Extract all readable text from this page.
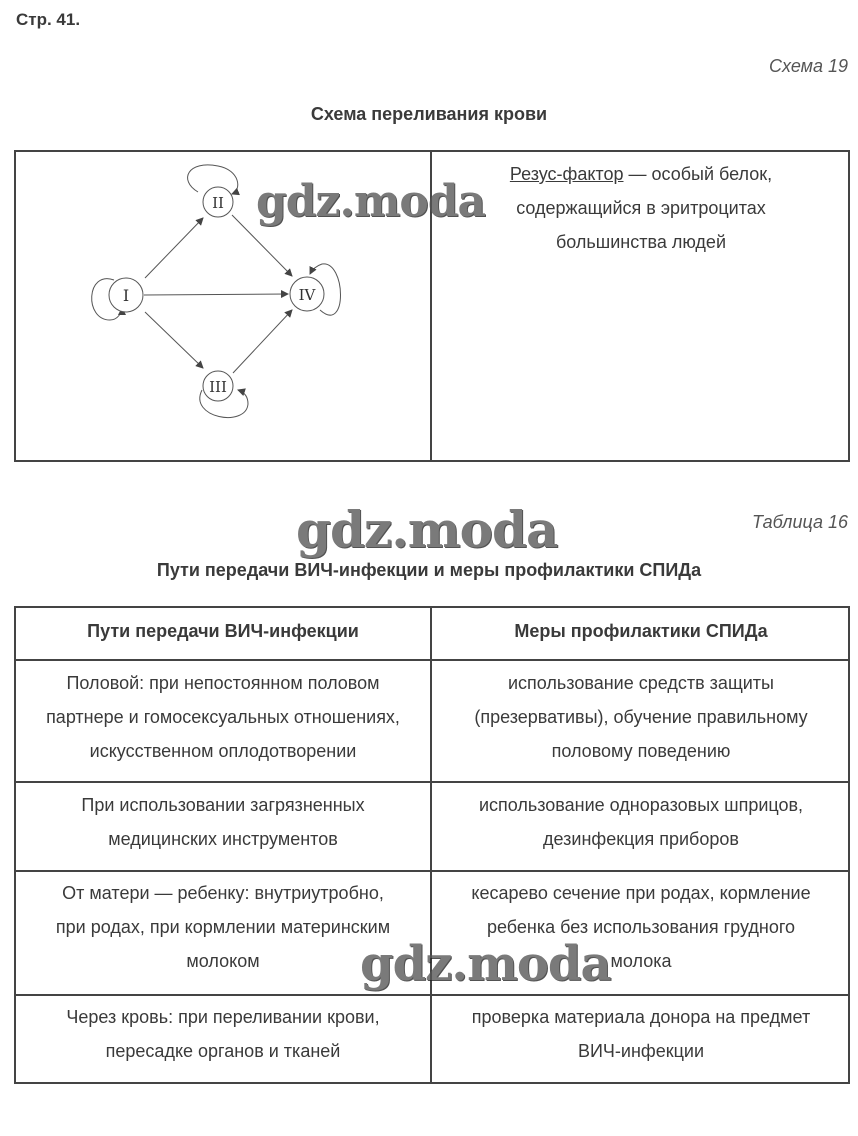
Стр. 41.
Схема 19
Схема переливания крови
I
II
III
IV
Резус-фактор — особый белок,
содержащийся в эритроцитах
большинства людей
Таблица 16
Пути передачи ВИЧ-инфекции и меры профилактики СПИДа
Пути передачи ВИЧ-инфекции	Меры профилактики СПИДа
Половой: при непостоянном половом
партнере и гомосексуальных отношениях,
искусственном оплодотворении
использование средств защиты
(презервативы), обучение правильному
половому поведению
При использовании загрязненных
медицинских инструментов
использование одноразовых шприцов,
дезинфекция приборов
От матери — ребенку: внутриутробно,
при родах, при кормлении материнским
молоком
кесарево сечение при родах, кормление
ребенка без использования грудного
молока
Через кровь: при переливании крови,
пересадке органов и тканей
проверка материала донора на предмет
ВИЧ-инфекции
gdz.moda
gdz.moda
gdz.moda
